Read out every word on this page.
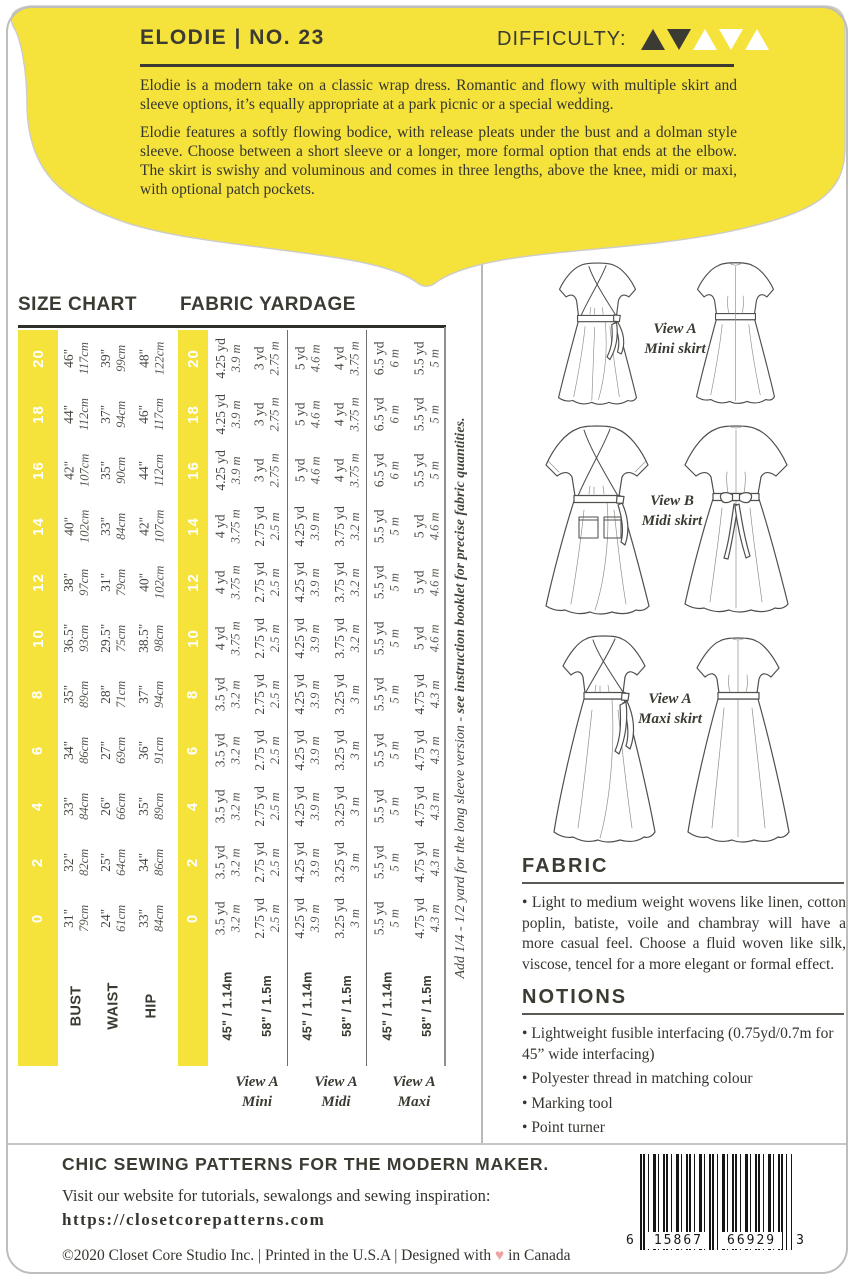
ELODIE | NO. 23	DIFFICULTY:

Elodie is a modern take on a classic wrap dress. Romantic and flowy with multiple skirt and sleeve options, it’s equally appropriate at a park picnic or a special wedding.

Elodie features a softly flowing bodice, with release pleats under the bust and a dolman style sleeve. Choose between a short sleeve or a longer, more formal option that ends at the elbow. The skirt is swishy and voluminous and comes in three lengths, above the knee, midi or maxi, with optional patch pockets.

SIZE CHART FABRIC YARDAGE
20 46" 117cm 39" 99cm 48" 122cm
18 44" 112cm 37" 94cm 46" 117cm
16 42" 107cm 35" 90cm 44" 112cm
14 40" 102cm 33" 84cm 42" 107cm
12 38" 97cm 31" 79cm 40" 102cm
10 36.5" 93cm 29.5" 75cm 38.5" 98cm
8 35" 89cm 28" 71cm 37" 94cm
6 34" 86cm 27" 69cm 36" 91cm
4 33" 84cm 26" 66cm 35" 89cm
2 32" 82cm 25" 64cm 34" 86cm
0 31" 79cm 24" 61cm 33" 84cm
BUST WAIST HIP
20 4.25 yd 3.9 m 3 yd 2.75 m 5 yd 4.6 m 4 yd 3.75 m 6.5 yd 6 m 5.5 yd 5 m
18 4.25 yd 3.9 m 3 yd 2.75 m 5 yd 4.6 m 4 yd 3.75 m 6.5 yd 6 m 5.5 yd 5 m
16 4.25 yd 3.9 m 3 yd 2.75 m 5 yd 4.6 m 4 yd 3.75 m 6.5 yd 6 m 5.5 yd 5 m
14 4 yd 3.75 m 2.75 yd 2.5 m 4.25 yd 3.9 m 3.75 yd 3.2 m 5.5 yd 5 m 5 yd 4.6 m
12 4 yd 3.75 m 2.75 yd 2.5 m 4.25 yd 3.9 m 3.75 yd 3.2 m 5.5 yd 5 m 5 yd 4.6 m
10 4 yd 3.75 m 2.75 yd 2.5 m 4.25 yd 3.9 m 3.75 yd 3.2 m 5.5 yd 5 m 5 yd 4.6 m
8 3.5 yd 3.2 m 2.75 yd 2.5 m 4.25 yd 3.9 m 3.25 yd 3 m 5.5 yd 5 m 4.75 yd 4.3 m
6 3.5 yd 3.2 m 2.75 yd 2.5 m 4.25 yd 3.9 m 3.25 yd 3 m 5.5 yd 5 m 4.75 yd 4.3 m
4 3.5 yd 3.2 m 2.75 yd 2.5 m 4.25 yd 3.9 m 3.25 yd 3 m 5.5 yd 5 m 4.75 yd 4.3 m
2 3.5 yd 3.2 m 2.75 yd 2.5 m 4.25 yd 3.9 m 3.25 yd 3 m 5.5 yd 5 m 4.75 yd 4.3 m
0 3.5 yd 3.2 m 2.75 yd 2.5 m 4.25 yd 3.9 m 3.25 yd 3 m 5.5 yd 5 m 4.75 yd 4.3 m
45" / 1.14m 58" / 1.5m 45" / 1.14m 58" / 1.5m 45" / 1.14m 58" / 1.5m
Add 1/4 - 1/2 yard for the long sleeve version - see instruction booklet for precise fabric quantities.
View A
Mini
View A
Midi
View A
Maxi
View A
Mini skirt
View B
Midi skirt
View A
Maxi skirt
FABRIC
• Light to medium weight wovens like linen, cotton poplin, batiste, voile and chambray will have a more casual feel. Choose a fluid woven like silk, viscose, tencel for a more elegant or formal effect.
NOTIONS
• Lightweight fusible interfacing (0.75yd/0.7m for 45” wide interfacing)
• Polyester thread in matching colour
• Marking tool
• Point turner
CHIC SEWING PATTERNS FOR THE MODERN MAKER.
Visit our website for tutorials, sewalongs and sewing inspiration:
https://closetcorepatterns.com
©2020 Closet Core Studio Inc. | Printed in the U.S.A | Designed with ♥ in Canada
6	15867	66929	3
